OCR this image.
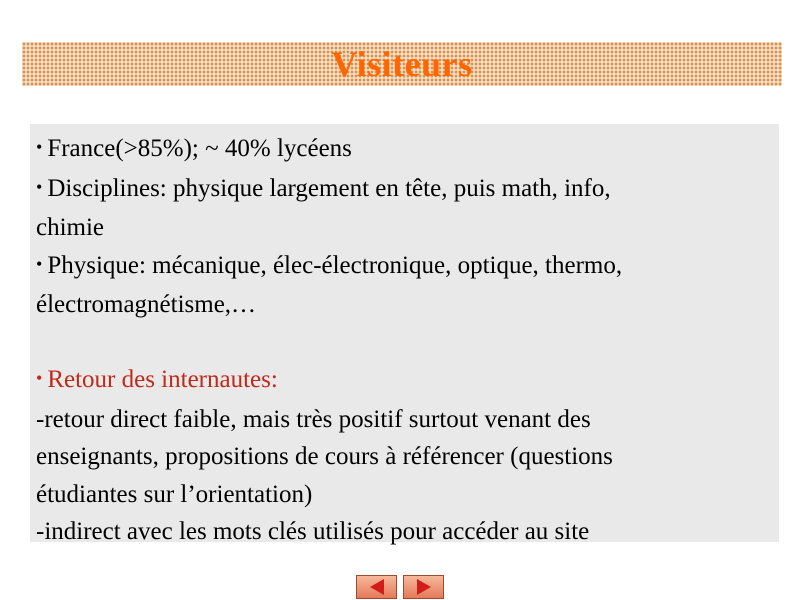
Visiteurs
• France(>85%); ~ 40% lycéens
• Disciplines: physique largement en tête, puis math, info,
chimie
• Physique: mécanique, élec-électronique, optique, thermo,
électromagnétisme,…
• Retour des internautes:
-retour direct faible, mais très positif surtout venant des
enseignants, propositions de cours à référencer (questions
étudiantes sur l’orientation)
-indirect avec les mots clés utilisés pour accéder au site
